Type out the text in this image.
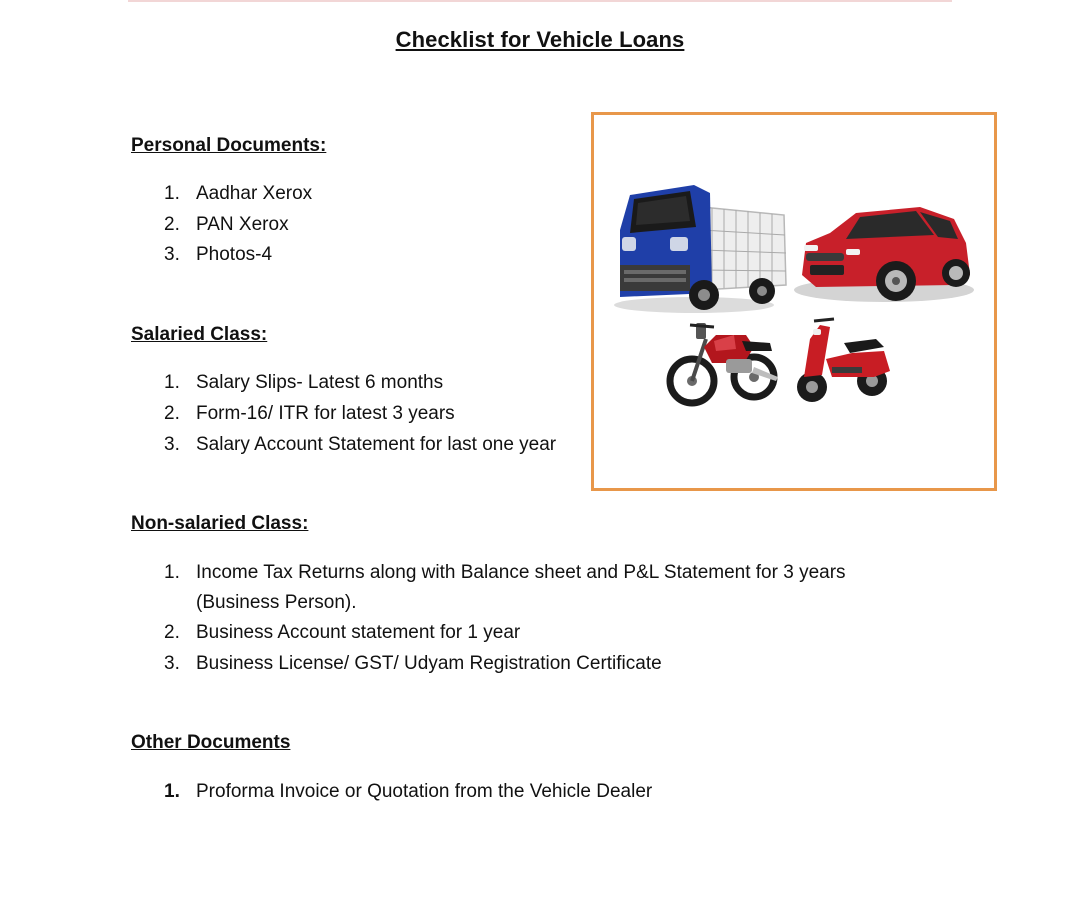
Checklist for Vehicle Loans
Personal Documents:
1. Aadhar Xerox
2. PAN Xerox
3. Photos-4
Salaried Class:
1. Salary Slips- Latest 6 months
2. Form-16/ ITR for latest 3 years
3. Salary Account Statement for last one year
Non-salaried Class:
1. Income Tax Returns along with Balance sheet and P&L Statement for 3 years (Business Person).
2. Business Account statement for 1 year
3. Business License/ GST/ Udyam Registration Certificate
Other Documents
1. Proforma Invoice or Quotation from the Vehicle Dealer
